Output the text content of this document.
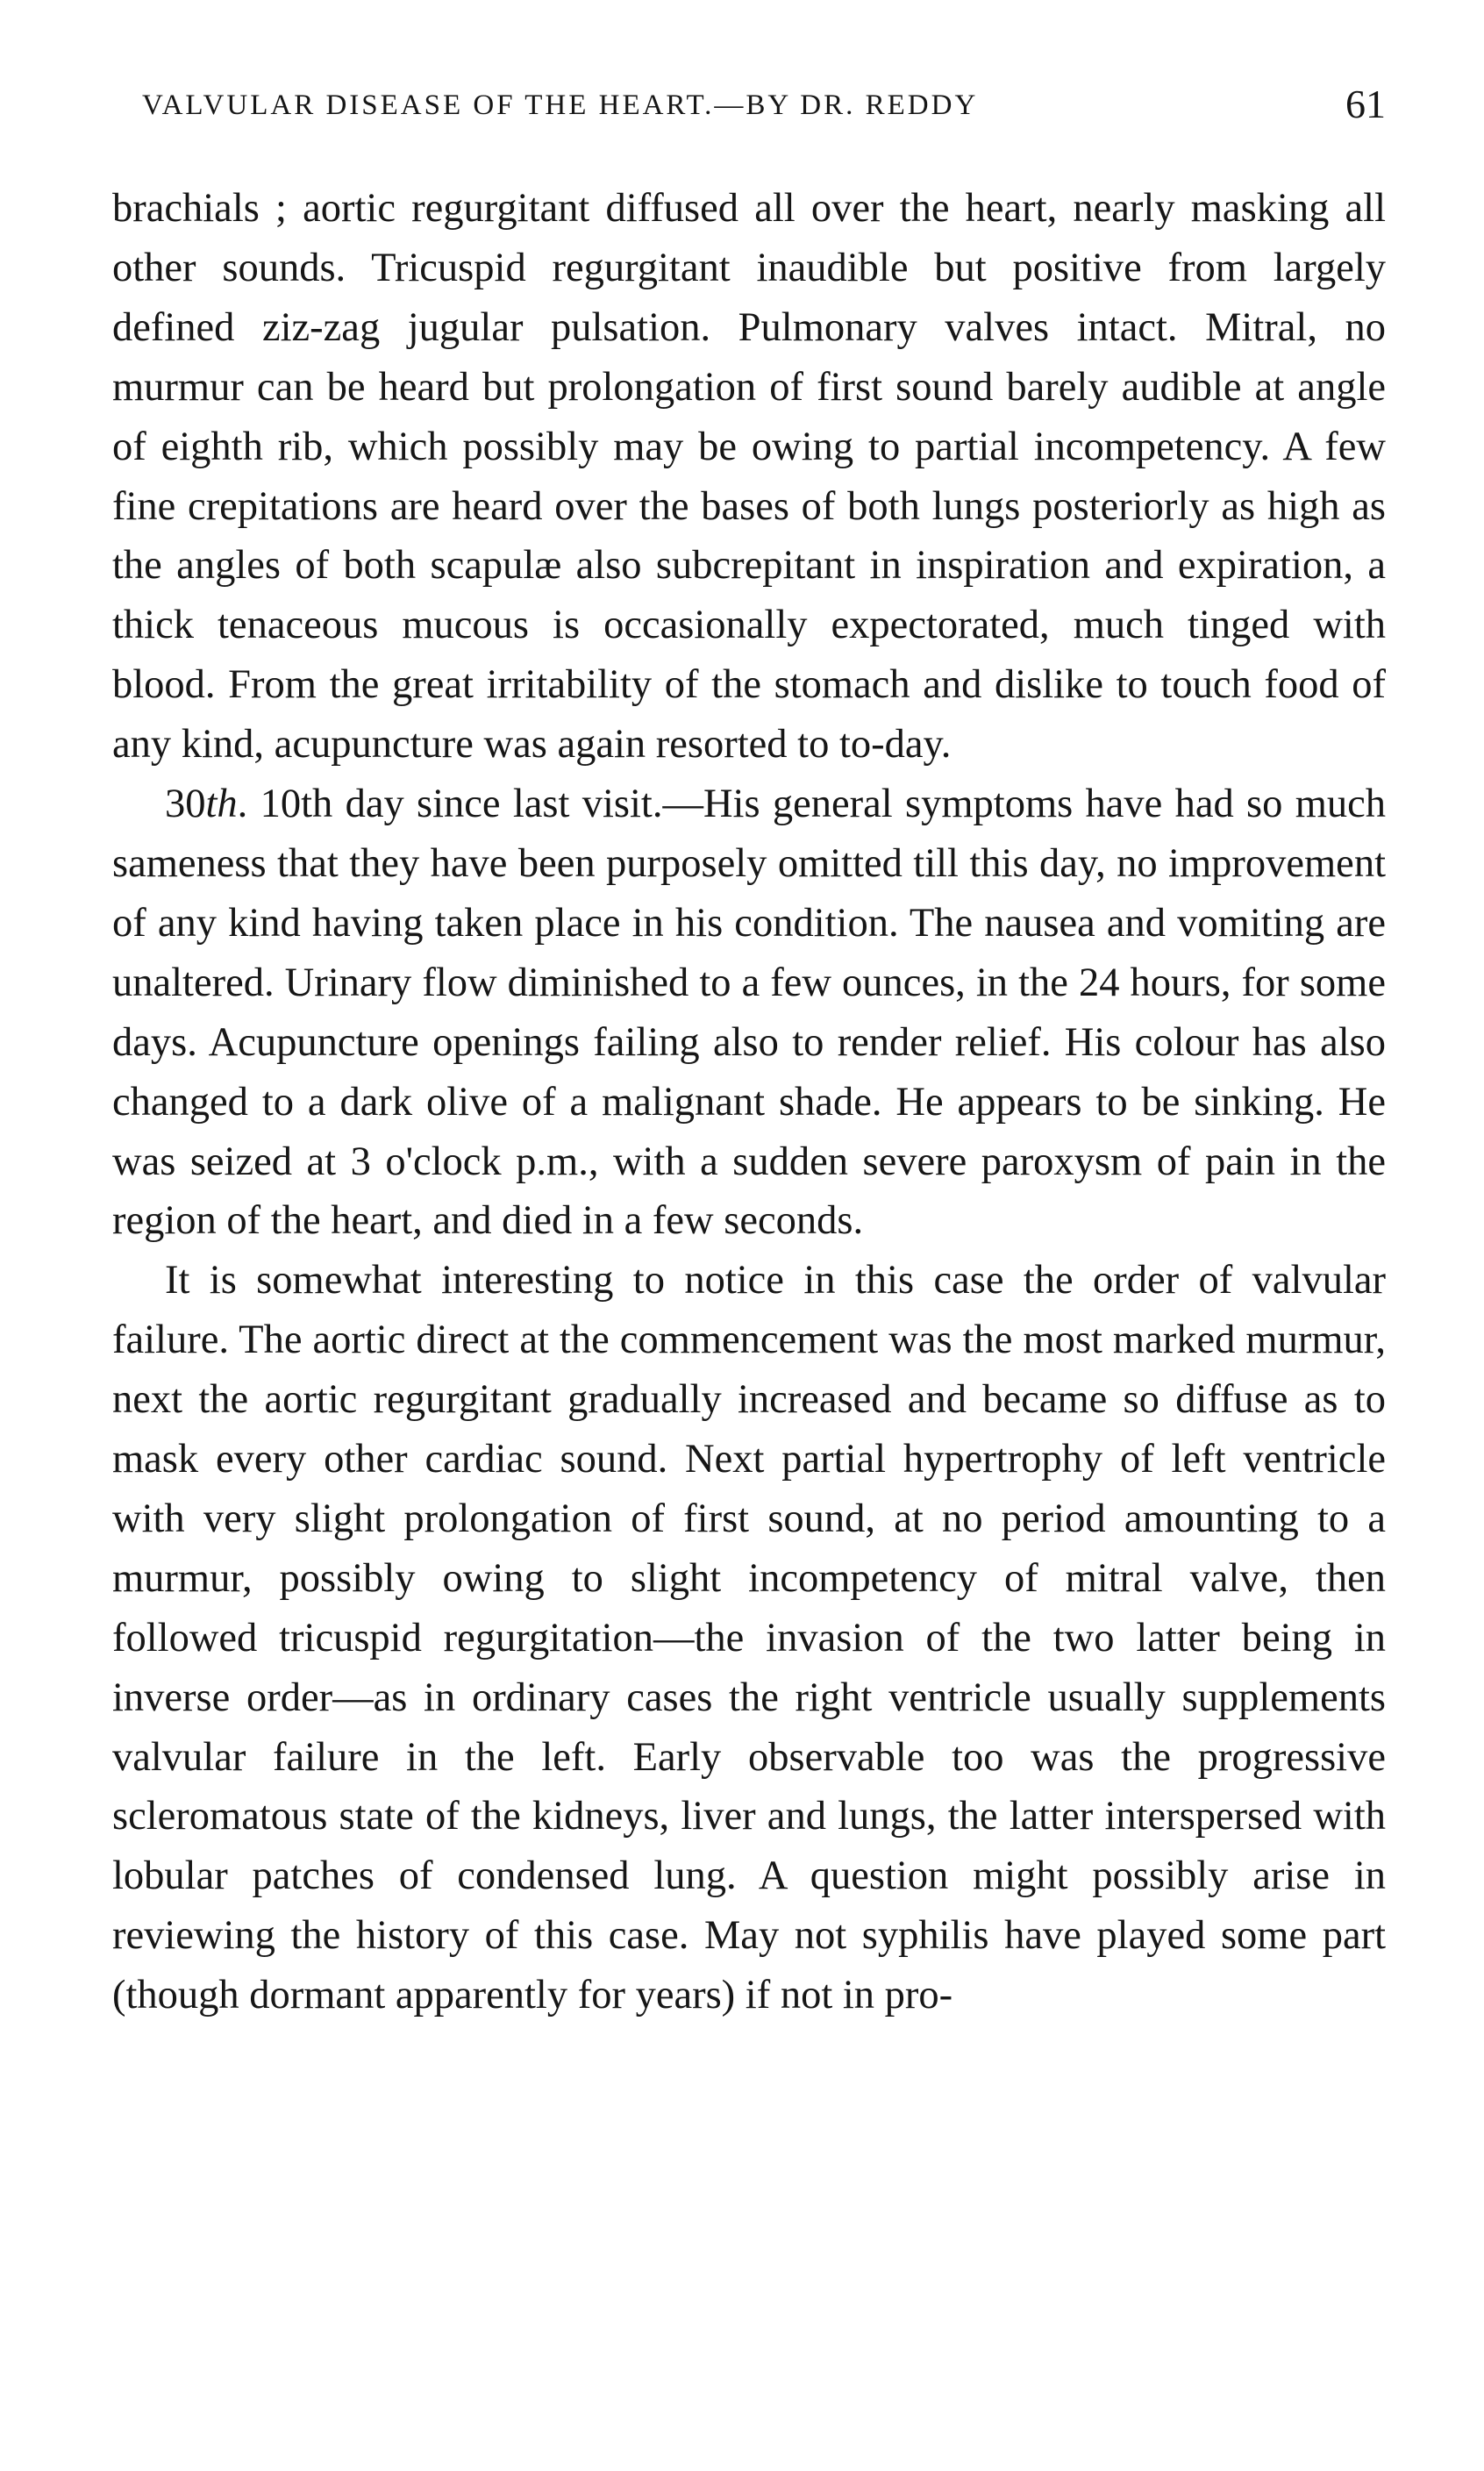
VALVULAR DISEASE OF THE HEART.—BY DR. REDDY	61

brachials ; aortic regurgitant diffused all over the heart, nearly masking all other sounds. Tricuspid regurgitant inaudible but positive from largely defined ziz-zag jugular pulsation. Pulmonary valves intact. Mitral, no murmur can be heard but prolongation of first sound barely audible at angle of eighth rib, which possibly may be owing to partial incompetency. A few fine crepitations are heard over the bases of both lungs posteriorly as high as the angles of both scapulæ also subcrepitant in inspiration and expiration, a thick tenaceous mucous is occasionally expectorated, much tinged with blood. From the great irritability of the stomach and dislike to touch food of any kind, acupuncture was again resorted to to-day.

30th. 10th day since last visit.—His general symptoms have had so much sameness that they have been purposely omitted till this day, no improvement of any kind having taken place in his condition. The nausea and vomiting are unaltered. Urinary flow diminished to a few ounces, in the 24 hours, for some days. Acupuncture openings failing also to render relief. His colour has also changed to a dark olive of a malignant shade. He appears to be sinking. He was seized at 3 o'clock p.m., with a sudden severe paroxysm of pain in the region of the heart, and died in a few seconds.

It is somewhat interesting to notice in this case the order of valvular failure. The aortic direct at the commencement was the most marked murmur, next the aortic regurgitant gradually increased and became so diffuse as to mask every other cardiac sound. Next partial hypertrophy of left ventricle with very slight prolongation of first sound, at no period amounting to a murmur, possibly owing to slight incompetency of mitral valve, then followed tricuspid regurgitation—the invasion of the two latter being in inverse order—as in ordinary cases the right ventricle usually supplements valvular failure in the left. Early observable too was the progressive scleromatous state of the kidneys, liver and lungs, the latter interspersed with lobular patches of condensed lung. A question might possibly arise in reviewing the history of this case. May not syphilis have played some part (though dormant apparently for years) if not in pro-
